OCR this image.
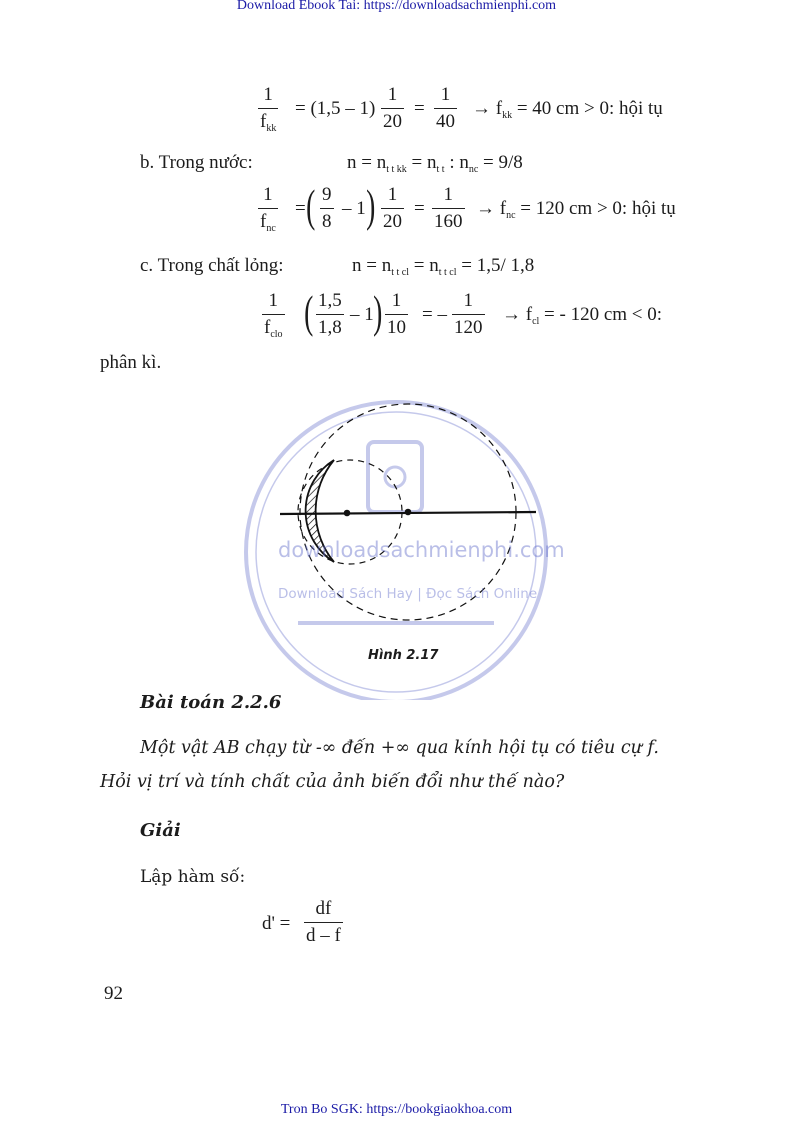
Download Ebook Tai: https://downloadsachmienphi.com
Tron Bo SGK: https://bookgiaokhoa.com
1
$f_{kk}$
= $(1,5 - 1) \frac{1}{20} = \frac{1}{40} \to f_{kk} = 40$ cm > 0: hội tụ
b. Trong nước:	$n = n_{t t kk} = n_{t t}$ : $n_{nc} = 9/8$
1
$f_{nc}$
= ( $\frac{9}{8} - 1$ ) $\frac{1}{20} = \frac{1}{160} \to f_{nc} = 120$ cm > 0: hội tụ
c. Trong chất lỏng:	$n = n_{t t cl} = n_{t t cl} = 1,5/$ 1,8
1
$f_{clo}$ ( $\frac{1,5}{1,8} - 1$ ) $\frac{1}{10}$ = – $\frac{1}{120} \to f_{cl}$ = - 120 cm < 0:
phân kì.
downloadsachmienphi.com
Download Sách Hay | Đọc Sách Online
Hình 2.17
Bài toán 2.2.6
Một vật AB chạy từ -∞ đến +∞ qua kính hội tụ có tiêu cự f.
Hỏi vị trí và tính chất của ảnh biến đổi như thế nào?
Giải
Lập hàm số:
$d' = \frac{df}{d - f}$
92
